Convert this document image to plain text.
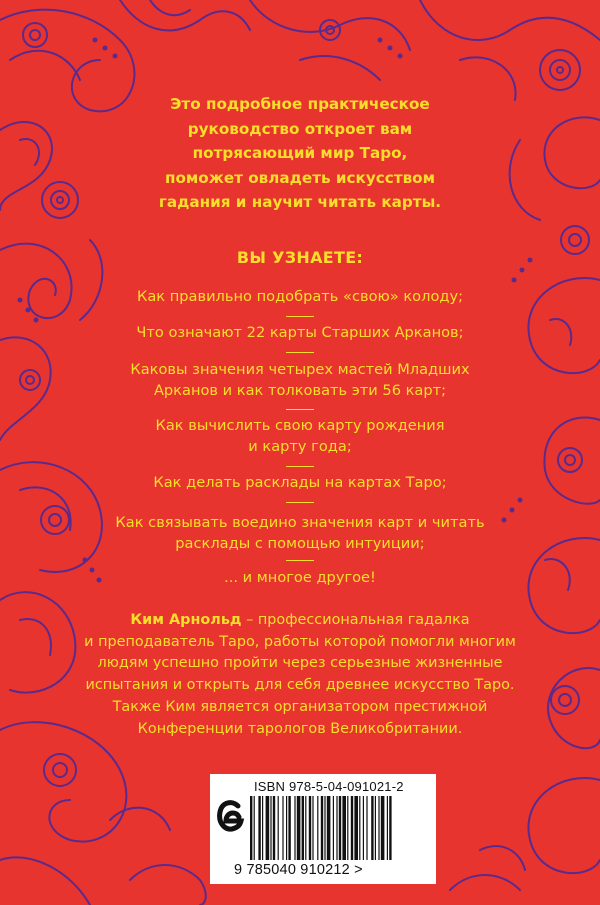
Это подробное практическое
руководство откроет вам
потрясающий мир Таро,
поможет овладеть искусством
гадания и научит читать карты.
ВЫ УЗНАЕТЕ:
Как правильно подобрать «свою» колоду;
Что означают 22 карты Старших Арканов;
Каковы значения четырех мастей Младших
Арканов и как толковать эти 56 карт;
Как вычислить свою карту рождения
и карту года;
Как делать расклады на картах Таро;
Как связывать воедино значения карт и читать
расклады с помощью интуиции;
... и многое другое!
Ким Арнольд – профессиональная гадалка
и преподаватель Таро, работы которой помогли многим
людям успешно пройти через серьезные жизненные
испытания и открыть для себя древнее искусство Таро.
Также Ким является организатором престижной
Конференции тарологов Великобритании.
ISBN 978-5-04-091021-2
9 785040 910212 >
